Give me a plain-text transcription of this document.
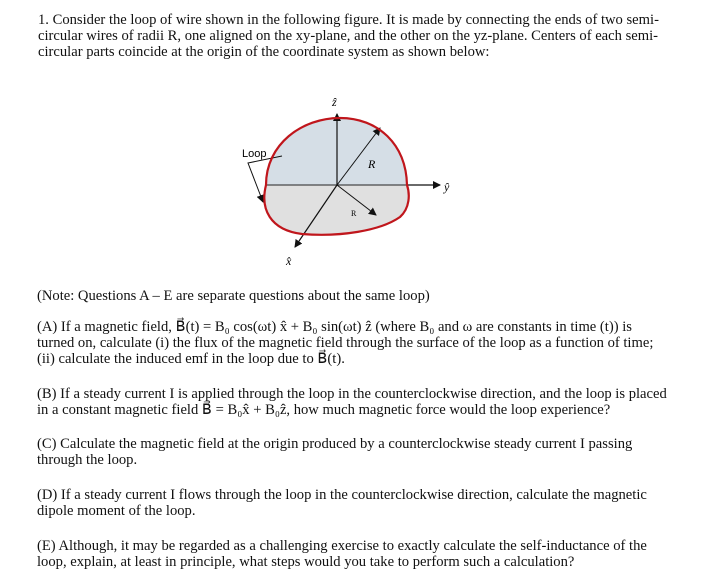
1. Consider the loop of wire shown in the following figure. It is made by connecting the ends of two semi-
circular wires of radii R, one aligned on the xy-plane, and the other on the yz-plane. Centers of each semi-
circular parts coincide at the origin of the coordinate system as shown below:
Loop
R
R
ẑ
ŷ
x̂
(Note: Questions A – E are separate questions about the same loop)
(A) If a magnetic field, B⃗(t) = B₀ cos(ωt) x̂ + B₀ sin(ωt) ẑ (where B₀ and ω are constants in time (t)) is
turned on, calculate (i) the flux of the magnetic field through the surface of the loop as a function of time;
(ii) calculate the induced emf in the loop due to B⃗(t).
(B) If a steady current I is applied through the loop in the counterclockwise direction, and the loop is placed
in a constant magnetic field B⃗ = B₀x̂ + B₀ẑ, how much magnetic force would the loop experience?
(C) Calculate the magnetic field at the origin produced by a counterclockwise steady current I passing
through the loop.
(D) If a steady current I flows through the loop in the counterclockwise direction, calculate the magnetic
dipole moment of the loop.
(E) Although, it may be regarded as a challenging exercise to exactly calculate the self-inductance of the
loop, explain, at least in principle, what steps would you take to perform such a calculation?
